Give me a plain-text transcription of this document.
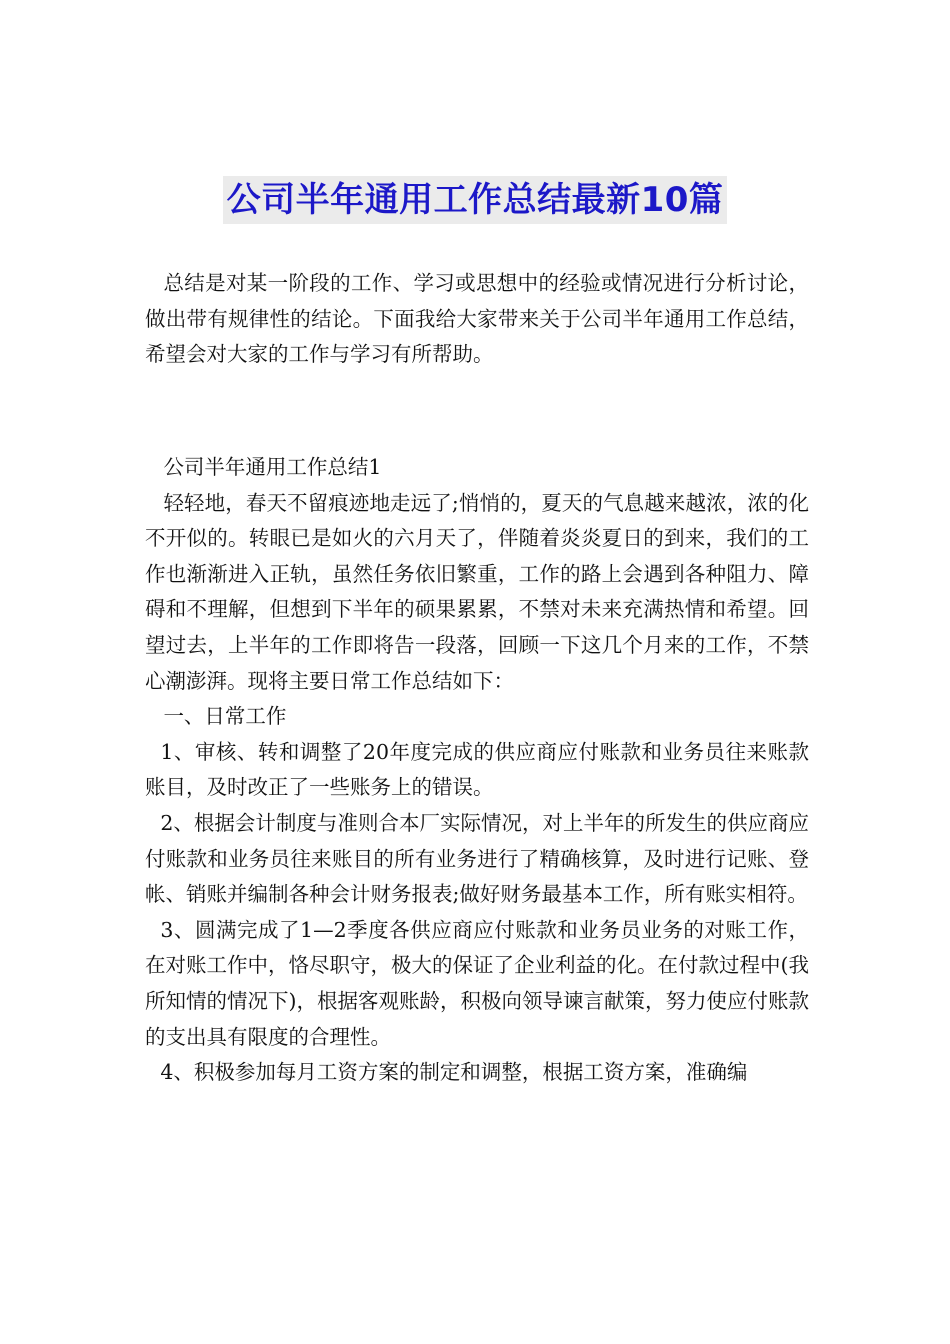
公司半年通用工作总结最新10篇

总结是对某一阶段的工作、学习或思想中的经验或情况进行分析讨论，做出带有规律性的结论。下面我给大家带来关于公司半年通用工作总结，希望会对大家的工作与学习有所帮助。

公司半年通用工作总结1

轻轻地，春天不留痕迹地走远了;悄悄的，夏天的气息越来越浓，浓的化不开似的。转眼已是如火的六月天了，伴随着炎炎夏日的到来，我们的工作也渐渐进入正轨，虽然任务依旧繁重，工作的路上会遇到各种阻力、障碍和不理解，但想到下半年的硕果累累，不禁对未来充满热情和希望。回望过去，上半年的工作即将告一段落，回顾一下这几个月来的工作，不禁心潮澎湃。现将主要日常工作总结如下：

一、日常工作

1、审核、转和调整了20年度完成的供应商应付账款和业务员往来账款账目，及时改正了一些账务上的错误。

2、根据会计制度与准则合本厂实际情况，对上半年的所发生的供应商应付账款和业务员往来账目的所有业务进行了精确核算，及时进行记账、登帐、销账并编制各种会计财务报表;做好财务最基本工作，所有账实相符。

3、圆满完成了1—2季度各供应商应付账款和业务员业务的对账工作，在对账工作中，恪尽职守，极大的保证了企业利益的化。在付款过程中(我所知情的情况下)，根据客观账龄，积极向领导谏言献策，努力使应付账款的支出具有限度的合理性。

4、积极参加每月工资方案的制定和调整，根据工资方案，准确编
